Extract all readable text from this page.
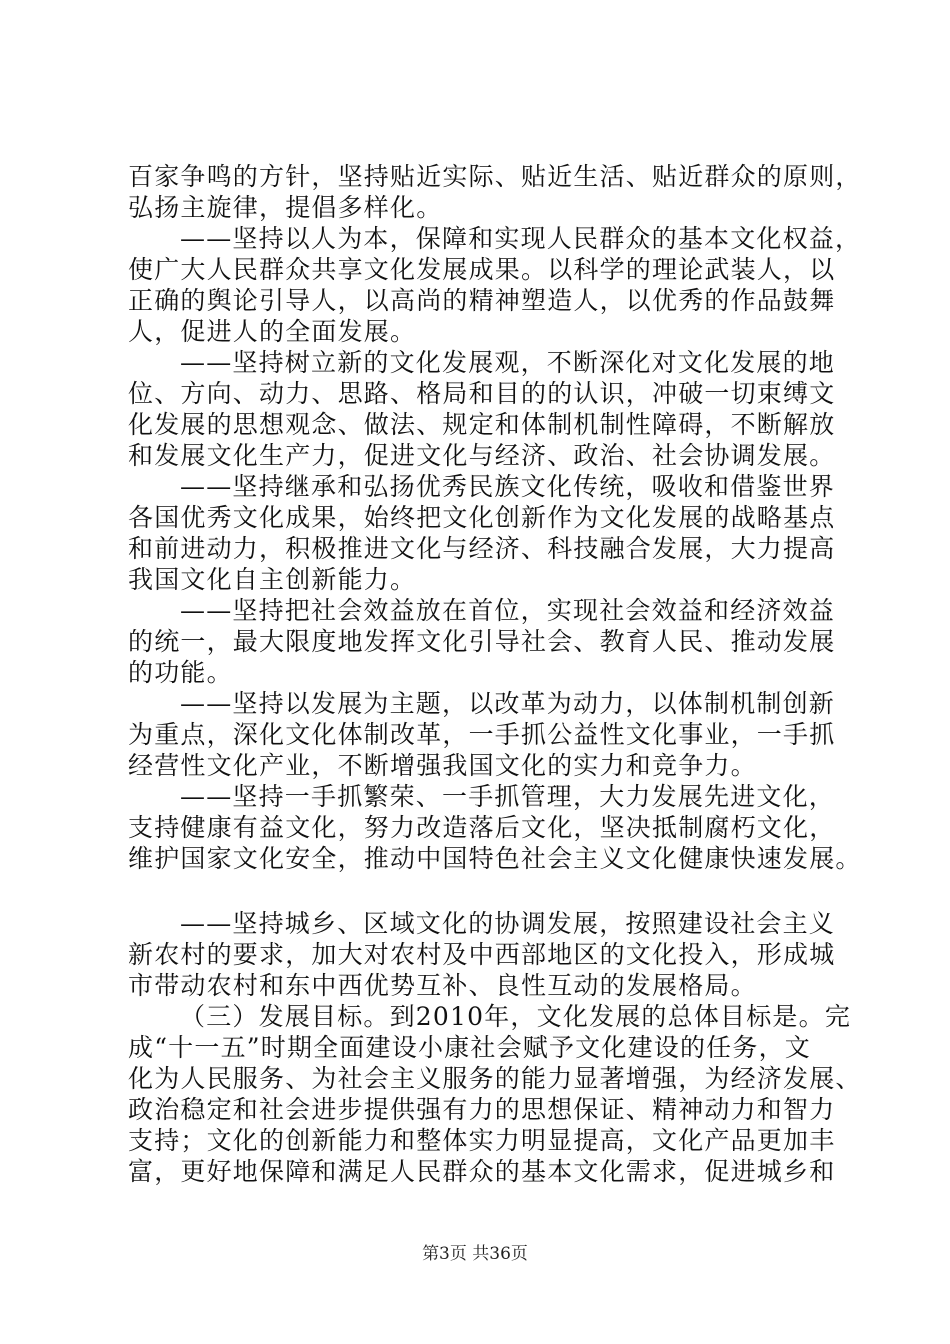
百家争鸣的方针，坚持贴近实际、贴近生活、贴近群众的原则，
弘扬主旋律，提倡多样化。
——坚持以人为本，保障和实现人民群众的基本文化权益，
使广大人民群众共享文化发展成果。以科学的理论武装人，以
正确的舆论引导人，以高尚的精神塑造人，以优秀的作品鼓舞
人，促进人的全面发展。
——坚持树立新的文化发展观，不断深化对文化发展的地
位、方向、动力、思路、格局和目的的认识，冲破一切束缚文
化发展的思想观念、做法、规定和体制机制性障碍，不断解放
和发展文化生产力，促进文化与经济、政治、社会协调发展。
——坚持继承和弘扬优秀民族文化传统，吸收和借鉴世界
各国优秀文化成果，始终把文化创新作为文化发展的战略基点
和前进动力，积极推进文化与经济、科技融合发展，大力提高
我国文化自主创新能力。
——坚持把社会效益放在首位，实现社会效益和经济效益
的统一，最大限度地发挥文化引导社会、教育人民、推动发展
的功能。
——坚持以发展为主题，以改革为动力，以体制机制创新
为重点，深化文化体制改革，一手抓公益性文化事业，一手抓
经营性文化产业，不断增强我国文化的实力和竞争力。
——坚持一手抓繁荣、一手抓管理，大力发展先进文化，
支持健康有益文化，努力改造落后文化，坚决抵制腐朽文化，
维护国家文化安全，推动中国特色社会主义文化健康快速发展。
——坚持城乡、区域文化的协调发展，按照建设社会主义
新农村的要求，加大对农村及中西部地区的文化投入，形成城
市带动农村和东中西优势互补、良性互动的发展格局。
（三）发展目标。到2010年，文化发展的总体目标是。完
成“十一五”时期全面建设小康社会赋予文化建设的任务，文
化为人民服务、为社会主义服务的能力显著增强，为经济发展、
政治稳定和社会进步提供强有力的思想保证、精神动力和智力
支持；文化的创新能力和整体实力明显提高，文化产品更加丰
富，更好地保障和满足人民群众的基本文化需求，促进城乡和
第3页 共36页
